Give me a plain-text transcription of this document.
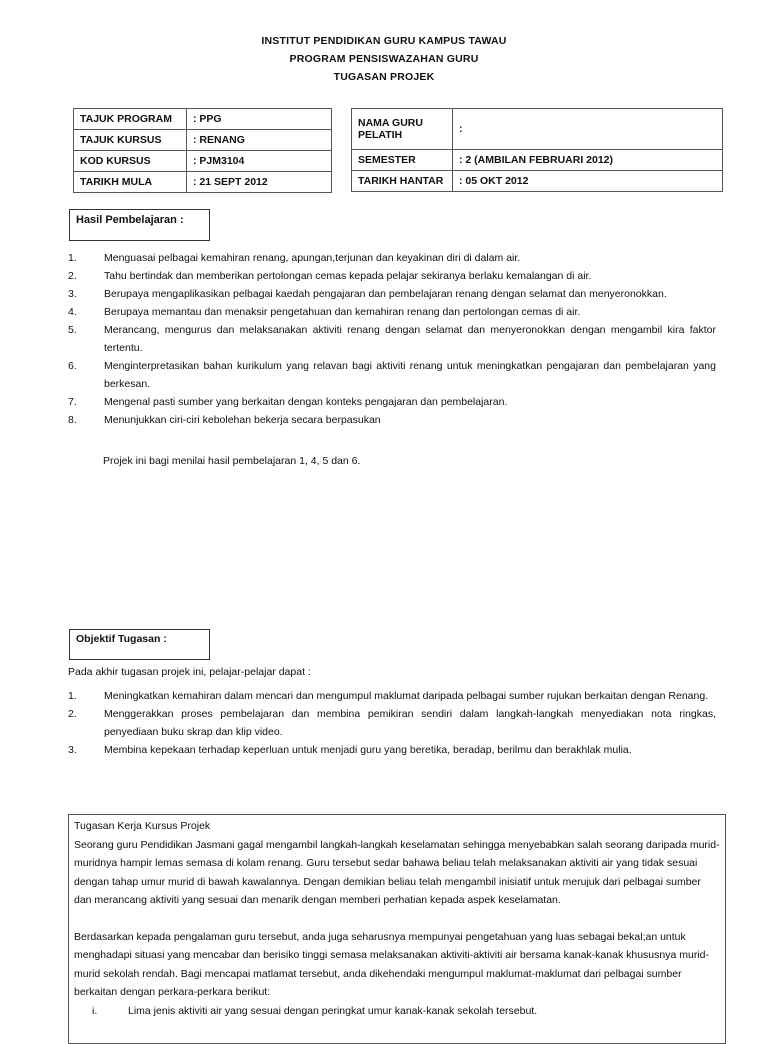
INSTITUT PENDIDIKAN GURU KAMPUS TAWAU
PROGRAM PENSISWAZAHAN GURU
TUGASAN PROJEK
TAJUK PROGRAM	: PPG
TAJUK KURSUS	: RENANG
KOD KURSUS	: PJM3104
TARIKH MULA	: 21 SEPT 2012
NAMA GURU
PELATIH	:
SEMESTER	: 2 (AMBILAN FEBRUARI 2012)
TARIKH HANTAR	: 05 OKT 2012
Hasil Pembelajaran :
1.	Menguasai pelbagai kemahiran renang, apungan,terjunan dan keyakinan diri di dalam air.
2.	Tahu bertindak dan memberikan pertolongan cemas kepada pelajar sekiranya berlaku kemalangan di air.
3.	Berupaya mengaplikasikan pelbagai kaedah pengajaran dan pembelajaran renang dengan selamat dan menyeronokkan.
4.	Berupaya memantau dan menaksir pengetahuan dan kemahiran renang dan pertolongan cemas di air.
5.	Merancang, mengurus dan melaksanakan aktiviti renang dengan selamat dan menyeronokkan dengan mengambil kira faktor tertentu.
6.	Menginterpretasikan bahan kurikulum yang relavan bagi aktiviti renang untuk meningkatkan pengajaran dan pembelajaran yang berkesan.
7.	Mengenal pasti sumber yang berkaitan dengan konteks pengajaran dan pembelajaran.
8.	Menunjukkan ciri-ciri kebolehan bekerja secara berpasukan
Projek ini bagi menilai hasil pembelajaran 1, 4, 5 dan 6.
Objektif Tugasan :
Pada akhir tugasan projek ini, pelajar-pelajar dapat :
1.	Meningkatkan kemahiran dalam mencari dan mengumpul maklumat daripada pelbagai sumber rujukan berkaitan dengan Renang.
2.	Menggerakkan proses pembelajaran dan membina pemikiran sendiri dalam langkah-langkah menyediakan nota ringkas, penyediaan buku skrap dan klip video.
3.	Membina kepekaan terhadap keperluan untuk menjadi guru yang beretika, beradap, berilmu dan berakhlak mulia.

Tugasan Kerja Kursus Projek

Seorang guru Pendidikan Jasmani gagal mengambil langkah-langkah keselamatan sehingga menyebabkan salah seorang daripada murid-muridnya hampir lemas semasa di kolam renang. Guru tersebut sedar bahawa beliau telah melaksanakan aktiviti air yang tidak sesuai dengan tahap umur murid di bawah kawalannya. Dengan demikian beliau telah mengambil inisiatif untuk merujuk dari pelbagai sumber dan merancang aktiviti yang sesuai dan menarik dengan memberi perhatian kepada aspek keselamatan.

Berdasarkan kepada pengalaman guru tersebut, anda juga seharusnya mempunyai pengetahuan yang luas sebagai bekal;an untuk menghadapi situasi yang mencabar dan berisiko tinggi semasa melaksanakan aktiviti-aktiviti air bersama kanak-kanak khususnya murid-murid sekolah rendah. Bagi mencapai matlamat tersebut, anda dikehendaki mengumpul maklumat-maklumat dari pelbagai sumber berkaitan dengan perkara-perkara berikut:

i.	Lima jenis aktiviti air yang sesuai dengan peringkat umur kanak-kanak sekolah tersebut.
